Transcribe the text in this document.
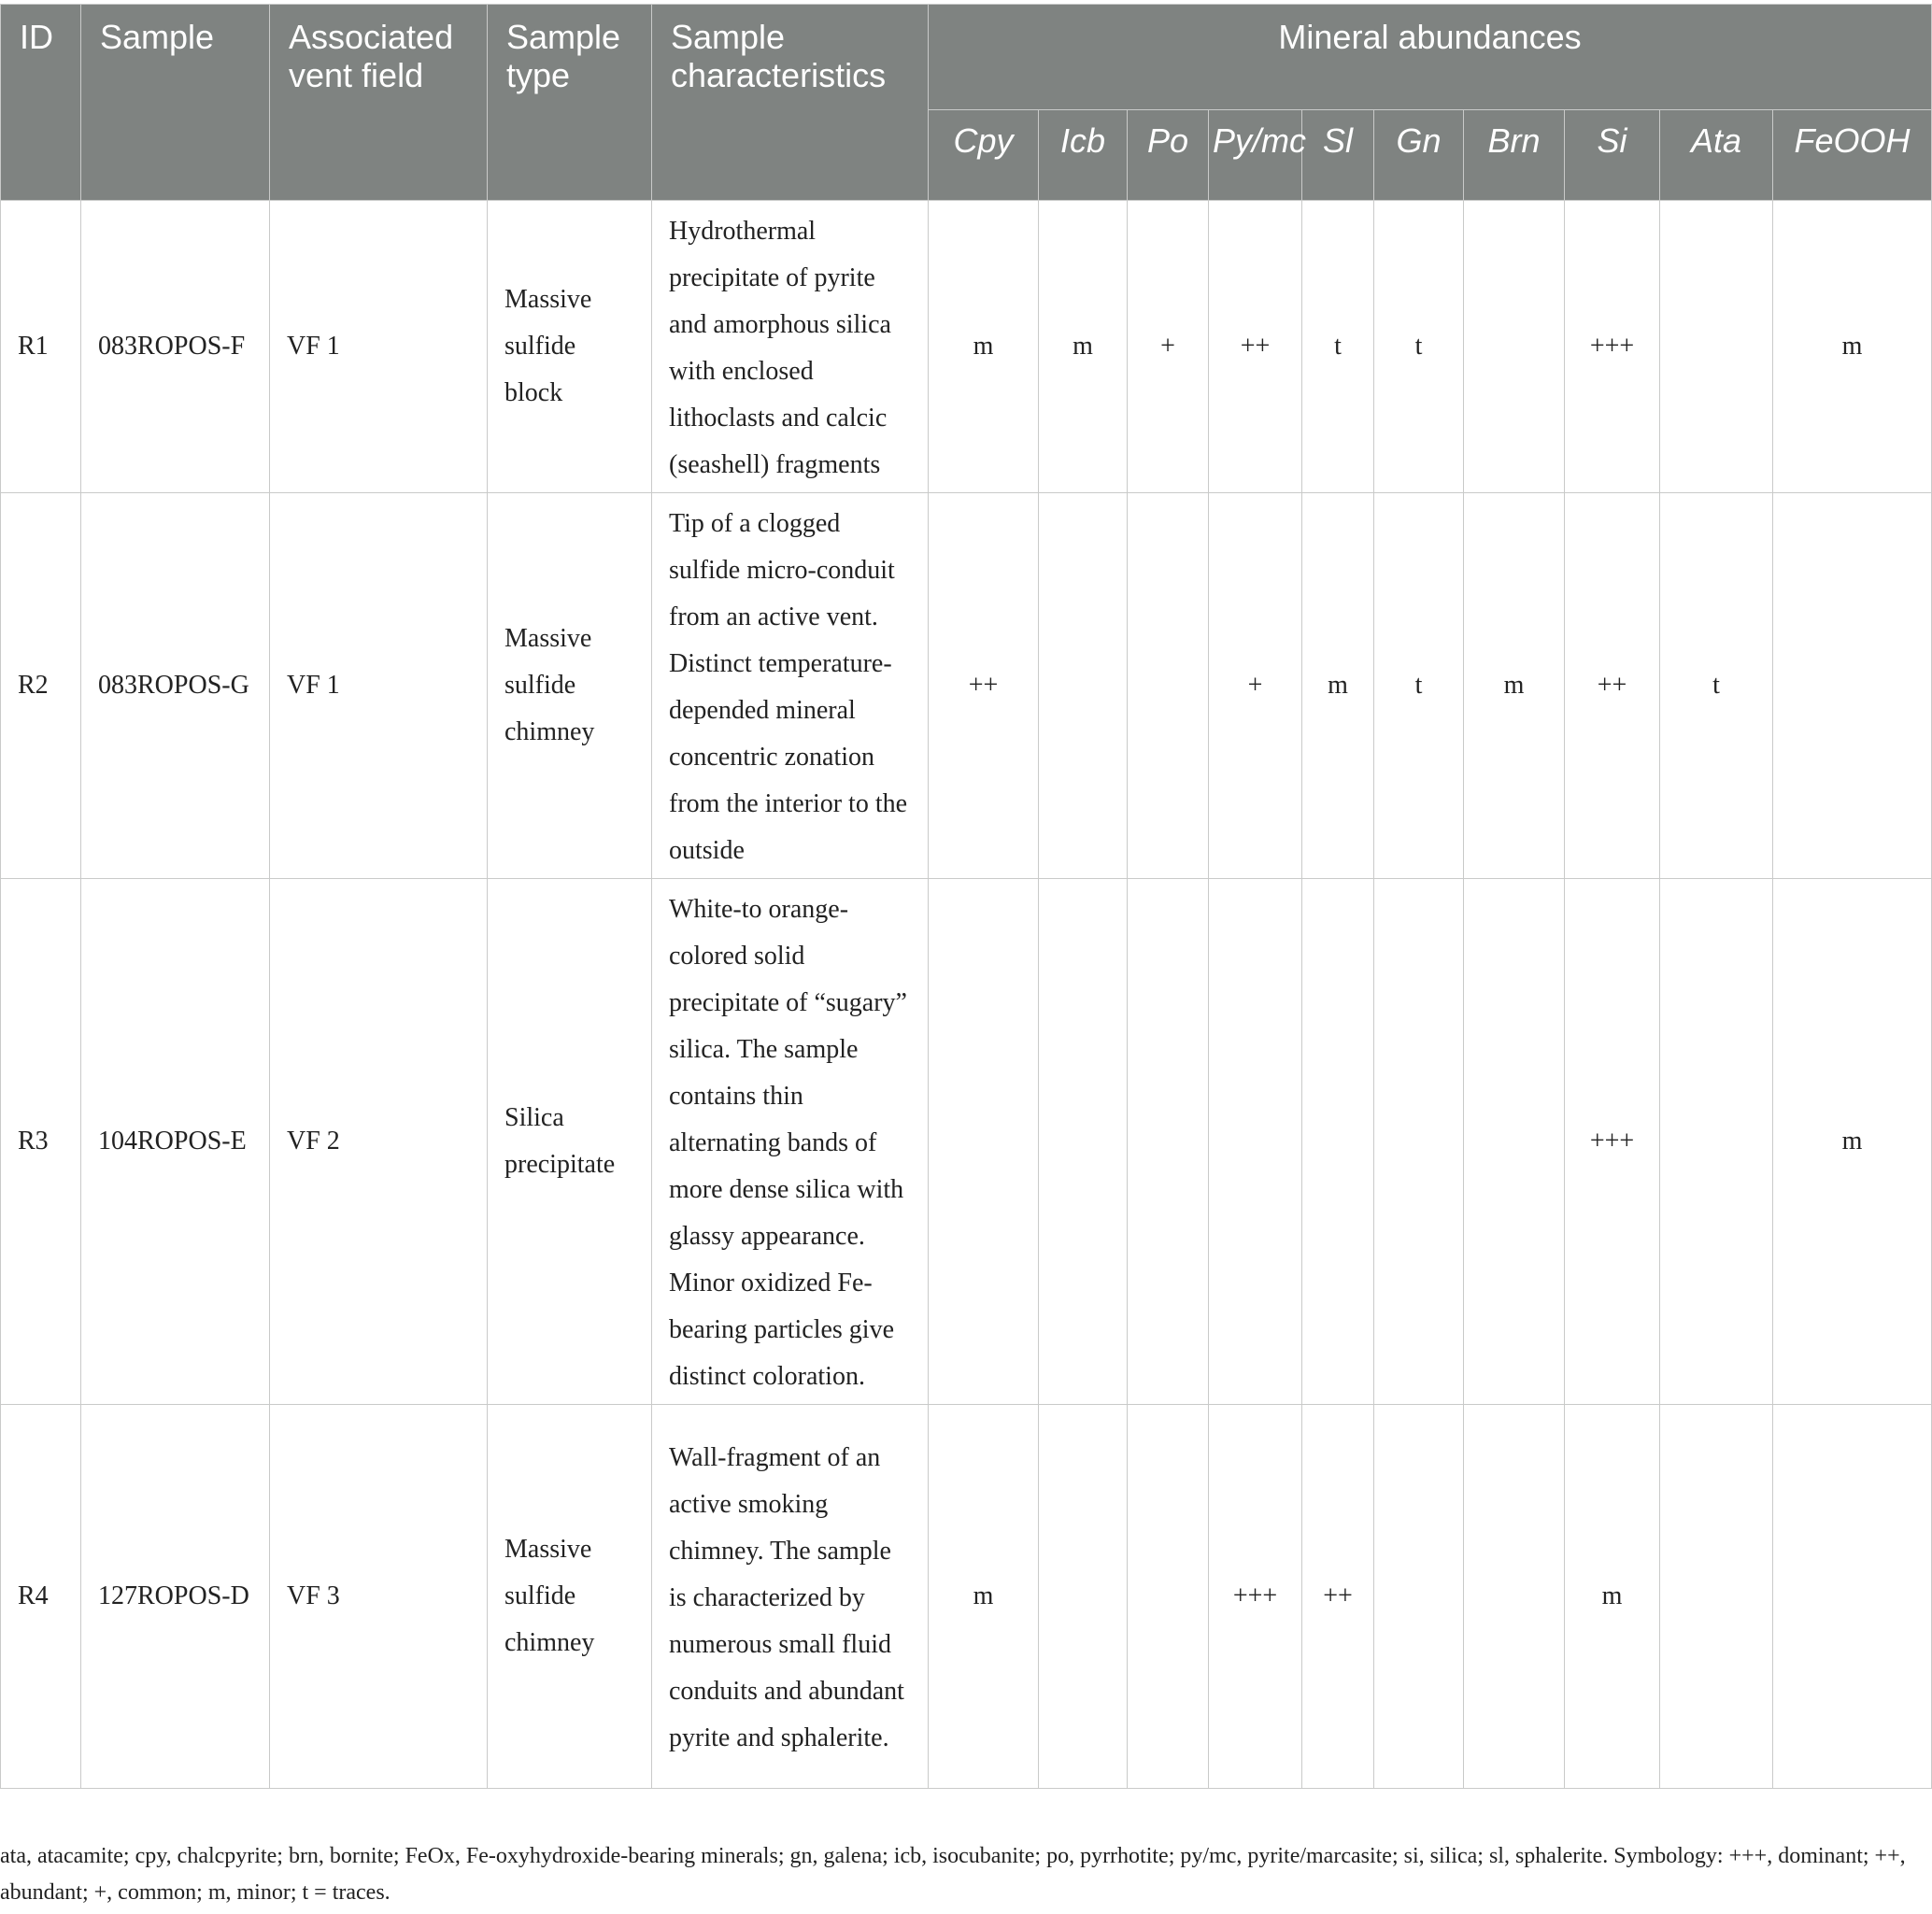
ID	Sample	Associated vent field	Sample type	Sample characteristics	Mineral abundances									
					Cpy	Icb	Po	Py/mc	Sl	Gn	Brn	Si	Ata	FeOOH
R1	083ROPOS-F	VF 1	Massive sulfide block	Hydrothermal precipitate of pyrite and amorphous silica with enclosed lithoclasts and calcic (seashell) fragments	m	m	+	++	t	t		+++		m
R2	083ROPOS-G	VF 1	Massive sulfide chimney	Tip of a clogged sulfide micro-conduit from an active vent. Distinct temperature-depended mineral concentric zonation from the interior to the outside	++			+	m	t	m	++	t	
R3	104ROPOS-E	VF 2	Silica precipitate	White-to orange-colored solid precipitate of “sugary” silica. The sample contains thin alternating bands of more dense silica with glassy appearance. Minor oxidized Fe-bearing particles give distinct coloration.								+++		m
R4	127ROPOS-D	VF 3	Massive sulfide chimney	Wall-fragment of an active smoking chimney. The sample is characterized by numerous small fluid conduits and abundant pyrite and sphalerite.	m			+++	++			m		
ata, atacamite; cpy, chalcpyrite; brn, bornite; FeOx, Fe-oxyhydroxide-bearing minerals; gn, galena; icb, isocubanite; po, pyrrhotite; py/mc, pyrite/marcasite; si, silica; sl, sphalerite. Symbology: +++, dominant; ++, abundant; +, common; m, minor; t = traces.
